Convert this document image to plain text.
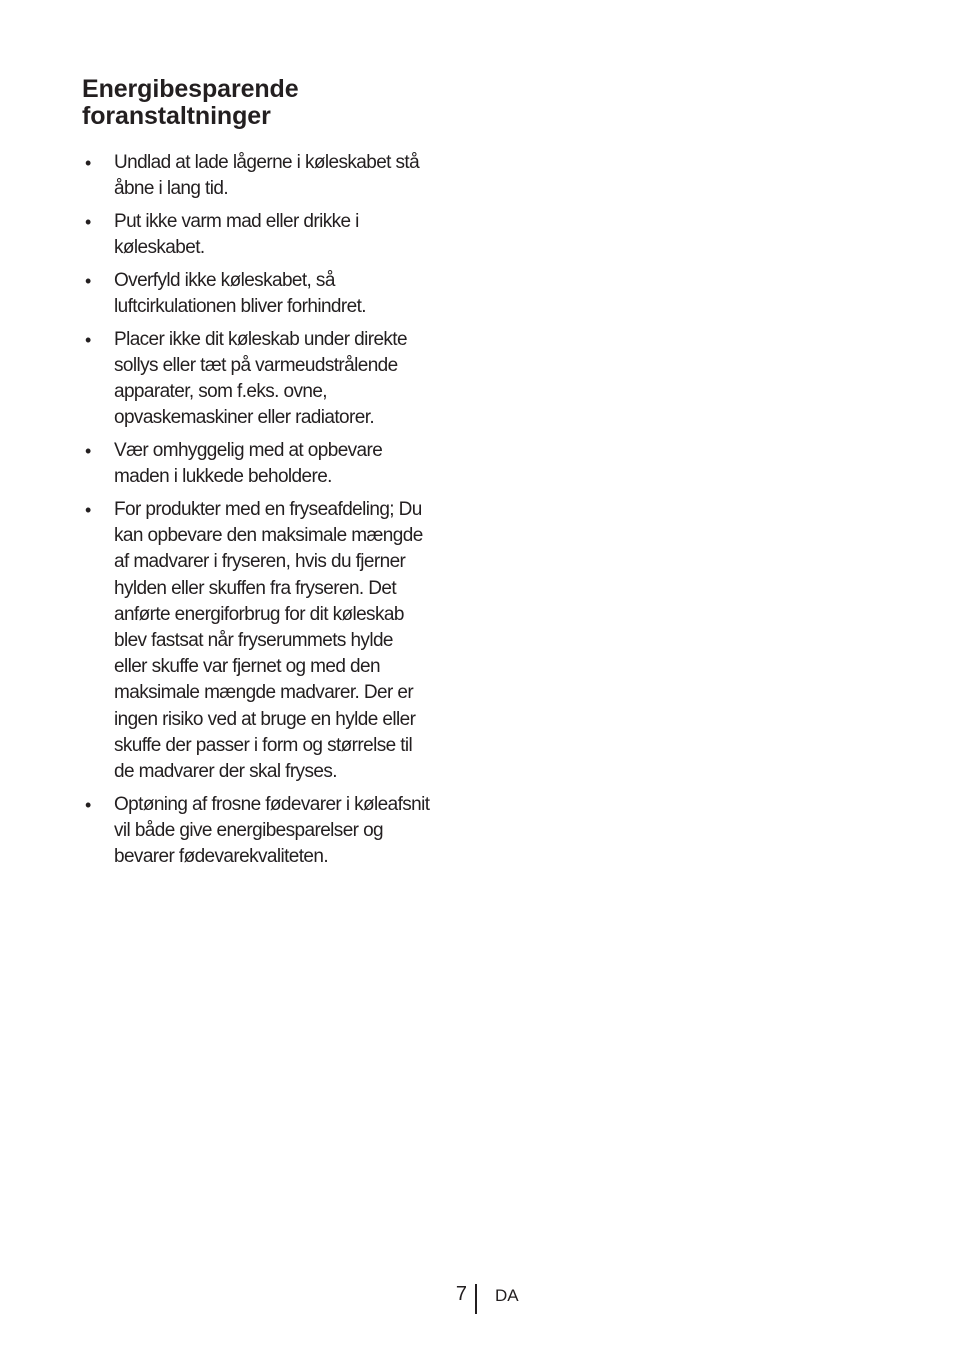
Energibesparende
foranstaltninger
• Undlad at lade lågerne i køleskabet stå
åbne i lang tid.
• Put ikke varm mad eller drikke i
køleskabet.
• Overfyld ikke køleskabet, så
luftcirkulationen bliver forhindret.
• Placer ikke dit køleskab under direkte
sollys eller tæt på varmeudstrålende
apparater, som f.eks. ovne,
opvaskemaskiner eller radiatorer.
• Vær omhyggelig med at opbevare
maden i lukkede beholdere.
• For produkter med en fryseafdeling; Du
kan opbevare den maksimale mængde
af madvarer i fryseren, hvis du fjerner
hylden eller skuffen fra fryseren. Det
anførte energiforbrug for dit køleskab
blev fastsat når fryserummets hylde
eller skuffe var fjernet og med den
maksimale mængde madvarer. Der er
ingen risiko ved at bruge en hylde eller
skuffe der passer i form og størrelse til
de madvarer der skal fryses.
• Optøning af frosne fødevarer i køleafsnit
vil både give energibesparelser og
bevarer fødevarekvaliteten.
7 DA
